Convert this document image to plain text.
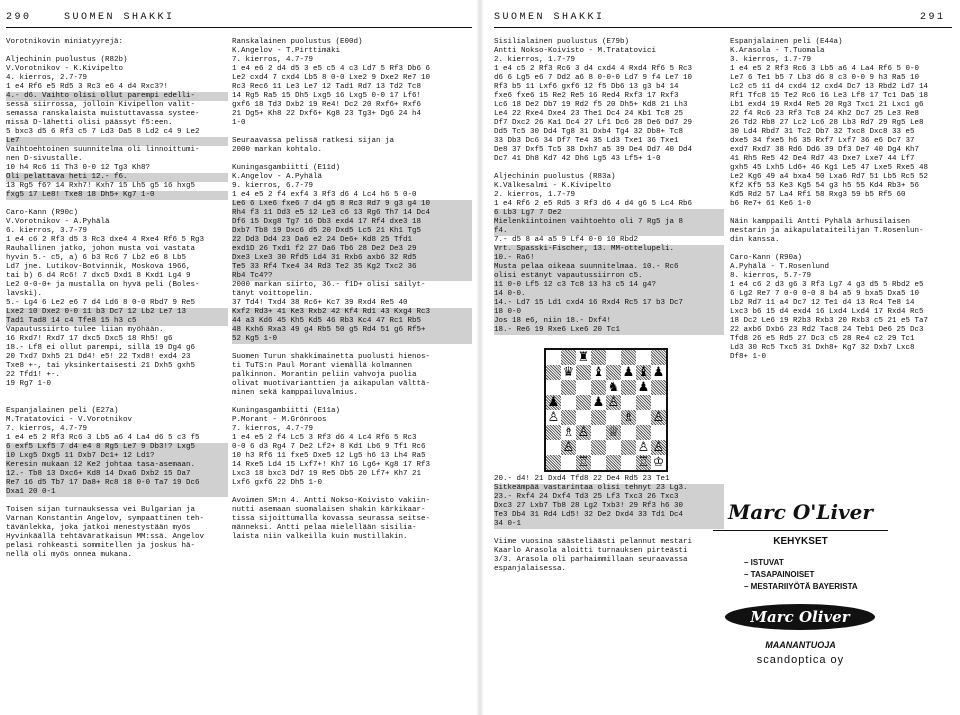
290	SUOMEN SHAKKI

Vorotnikovin miniatyyrejä:

Aljechinin puolustus (R82b)

V.Vorotnikov - K.Kivipelto

4. kierros, 2.7-79

1 e4 Rf6 e5 Rd5 3 Rc3 e6 4 d4 Rxc3?!

4.- d6. Vaihto olisi ollut parempi edelli-

sessä siirrossa, jolloin Kivipellon valit-

semassa ranskalaista muistuttavassa systee-

missä D-lähetti olisi päässyt f5:een.

5 bxc3 d5 6 Rf3 c5 7 Ld3 Da5 8 Ld2 c4 9 Le2

Le7

Vaihtoehtoinen suunnitelma oli linnoittumi-

nen D-sivustalle.

10 h4 Rc6 11 Th3 0-0 12 Tg3 Kh8?

Oli pelattava heti 12.- f6.

13 Rg5 f6? 14 Rxh7! Kxh7 15 Lh5 g5 16 hxg5

fxg5 17 Le8! Txe8 18 Dh5+ Kg7 1-0

Caro-Kann (R90c)

V.Vorotnikov - A.Pyhälä

6. kierros, 3.7-79

1 e4 c6 2 Rf3 d5 3 Rc3 dxe4 4 Rxe4 Rf6 5 Rg3

Rauhallinen jatko, johon musta voi vastata

hyvin 5.- c5, a) 6 b3 Rc6 7 Lb2 e6 8 Lb5

Ld7 jne. Lutikov-Botvinnik, Moskova 1966,

tai b) 6 d4 Rc6! 7 dxc5 Dxd1 8 Kxd1 Lg4 9

Le2 0-0-0+ ja mustalla on hyvä peli (Boles-

lavski).

5.- Lg4 6 Le2 e6 7 d4 Ld6 8 0-0 Rbd7 9 Re5

Lxe2 10 Dxe2 0-0 11 b3 Dc7 12 Lb2 Le7 13

Tad1 Tad8 14 c4 Tfe8 15 h3 c5

Vapautussiirto tulee liian myöhään.

16 Rxd7! Rxd7 17 dxc5 Dxc5 18 Rh5! g6

18.- Lf8 ei ollut parempi, sillä 19 Dg4 g6

20 Txd7 Dxh5 21 Dd4! e5! 22 Txd8! exd4 23

Txe8 +-, tai yksinkertaisesti 21 Dxh5 gxh5

22 Tfd1! +-.

19 Rg7 1-0

Espanjalainen peli (E27a)

M.Tratatovici - V.Vorotnikov

7. kierros, 4.7-79

1 e4 e5 2 Rf3 Rc6 3 Lb5 a6 4 La4 d6 5 c3 f5

6 exf5 Lxf5 7 d4 e4 8 Rg5 Le7 9 Db3!? Lxg5

10 Lxg5 Dxg5 11 Dxb7 Dc1+ 12 Ld1?

Keresin mukaan 12 Ke2 johtaa tasa-asemaan.

12.- Tb8 13 Dxc6+ Kd8 14 Dxa6 Dxb2 15 Da7

Re7 16 d5 Tb7 17 Da8+ Rc8 18 0-0 Ta7 19 Dc6

Dxa1 20 0-1

Toisen sijan turnauksessa vei Bulgarian ja

Varnan Konstantin Angelov, sympaattinen teh-

tävänlekka, joka jatkoi menestystään myös

Hyvinkäällä tehtäväratkaisun MM:ssä. Angelov

pelasi rohkeasti sommitellen ja joskus hä-

nellä oli myös onnea mukana.

Ranskalainen puolustus (E00d)

K.Angelov - T.Pirttimäki

7. kierros, 4.7-79

1 e4 e6 2 d4 d5 3 e5 c5 4 c3 Ld7 5 Rf3 Db6 6

Le2 cxd4 7 cxd4 Lb5 8 0-0 Lxe2 9 Dxe2 Re7 10

Rc3 Rec6 11 Le3 Le7 12 Tad1 Rd7 13 Td2 Tc8

14 Rg5 Ra5 15 Dh5 Lxg5 16 Lxg5 0-0 17 Lf6!

gxf6 18 Td3 Dxb2 19 Re4! Dc2 20 Rxf6+ Rxf6

21 Dg5+ Kh8 22 Dxf6+ Kg8 23 Tg3+ Dg6 24 h4

1-0

Seuraavassa pelissä ratkesi sijan ja

2000 markan kohtalo.

Kuningasgambiitti (E11d)

K.Angelov - A.Pyhälä

9. kierros, 6.7-79

1 e4 e5 2 f4 exf4 3 Rf3 d6 4 Lc4 h6 5 0-0

Le6 6 Lxe6 fxe6 7 d4 g5 8 Rc3 Rd7 9 g3 g4 10

Rh4 f3 11 Dd3 e5 12 Le3 c6 13 Rg6 Th7 14 Dc4

Df6 15 Dxg8 Tg7 16 Db3 exd4 17 Rf4 dxe3 18

Dxb7 Tb8 19 Dxc6 d5 20 Dxd5 Lc5 21 Kh1 Tg5

22 Dd3 Dd4 23 Da6 e2 24 De6+ Kd8 25 Tfd1

exd1D 26 Txd1 f2 27 Da6 Tb6 28 De2 De3 29

Dxe3 Lxe3 30 Rfd5 Ld4 31 Rxb6 axb6 32 Rd5

Te5 33 Rf4 Txe4 34 Rd3 Te2 35 Kg2 Txc2 36

Rb4 Tc4??

2000 markan siirto, 36.- f1D+ olisi säilyt-

tänyt voittopelin.

37 Td4! Txd4 38 Rc6+ Kc7 39 Rxd4 Re5 40

Kxf2 Rd3+ 41 Ke3 Rxb2 42 Kf4 Rd1 43 Kxg4 Rc3

44 a3 Kd6 45 Kh5 Kd5 46 Rb3 Kc4 47 Rc1 Rb5

48 Kxh6 Rxa3 49 g4 Rb5 50 g5 Rd4 51 g6 Rf5+

52 Kg5 1-0

Suomen Turun shakkimainetta puolusti hienos-

ti TuTS:n Paul Morant viemällä kolmannen

palkinnon. Morantin peliin vahvoja puolia

olivat muotivarianttien ja aikapulan välttä-

minen sekä kamppailuvalmius.

Kuningasgambiitti (E11a)

P.Morant - M.Grönroos

7. kierros, 4.7-79

1 e4 e5 2 f4 Lc5 3 Rf3 d6 4 Lc4 Rf6 5 Rc3

0-0 6 d3 Rg4 7 De2 Lf2+ 8 Kd1 Lb6 9 Tf1 Rc6

10 h3 Rf6 11 fxe5 Dxe5 12 Lg5 h6 13 Lh4 Ra5

14 Rxe5 Ld4 15 Lxf7+! Kh7 16 Lg6+ Kg8 17 Rf3

Lxc3 18 bxc3 Dd7 19 Re5 Db5 20 Lf7+ Kh7 21

Lxf6 gxf6 22 Dh5 1-0

Avoimen SM:n 4. Antti Nokso-Koivisto vakiin-

nutti asemaan suomalaisen shakin kärkikaar-

tissa sijoittumalla kovassa seurassa seitse-

männeksi. Antti pelaa mielellään sisilia-

laista niin valkeilla kuin mustillakin.

SUOMEN SHAKKI	291

Sisilialainen puolustus (E79b)

Antti Nokso-Koivisto - M.Tratatovici

2. kierros, 1.7-79

1 e4 c5 2 Rf3 Rc6 3 d4 cxd4 4 Rxd4 Rf6 5 Rc3

d6 6 Lg5 e6 7 Dd2 a6 8 0-0-0 Ld7 9 f4 Le7 10

Rf3 b5 11 Lxf6 gxf6 12 f5 Db6 13 g3 b4 14

fxe6 fxe6 15 Re2 Re5 16 Red4 Rxf3 17 Rxf3

Lc6 18 De2 Db7 19 Rd2 f5 20 Dh5+ Kd8 21 Lh3

Le4 22 Rxe4 Dxe4 23 The1 Dc4 24 Kb1 Tc8 25

Df7 Dxc2 26 Ka1 Dc4 27 Lf1 Dc6 28 De6 Dd7 29

Dd5 Tc5 30 Dd4 Tg8 31 Dxb4 Tg4 32 Db8+ Tc8

33 Db3 Dc6 34 Df7 Te4 35 Ld3 Txe1 36 Txe1

De8 37 Dxf5 Tc5 38 Dxh7 a5 39 De4 Dd7 40 Dd4

Dc7 41 Dh8 Kd7 42 Dh6 Lg5 43 Lf5+ 1-0

Aljechinin puolustus (R83a)

K.Välkesalmi - K.Kivipelto

2. kierros, 1.7-79

1 e4 Rf6 2 e5 Rd5 3 Rf3 d6 4 d4 g6 5 Lc4 Rb6

6 Lb3 Lg7 7 De2

Mielenkiintoinen vaihtoehto oli 7 Rg5 ja 8

f4.

7.- d5 8 a4 a5 9 Lf4 0-0 10 Rbd2

Vrt. Spasski-Fischer, 13. MM-ottelupeli.

10.- Ra6!

Musta pelaa oikeaa suunnitelmaa. 10.- Rc6

olisi estänyt vapautussiirron c5.

11 0-0 Lf5 12 c3 Tc8 13 h3 c5 14 g4?

14 0-0.

14.- Ld7 15 Ld1 cxd4 16 Rxd4 Rc5 17 b3 Dc7

18 0-0

Jos 18 e6, niin 18.- Dxf4!

18.- Re6 19 Rxe6 Lxe6 20 Tc1

♜
♛ ♝ ♟ ♝ ♟
♞ ♟
♟	♟ ♙
♙	♗ ♙
♗ ♙ ♕
♙	♙ ♙
♖	♖ ♔

20.- d4! 21 Dxd4 Tfd8 22 De4 Rd5 23 Te1

Sitkeämpää vastarintaa olisi tehnyt 23 Lg3.

23.- Rxf4 24 Dxf4 Td3 25 Lf3 Txc3 26 Txc3

Dxc3 27 Lxb7 Tb8 28 Lg2 Txb3! 29 Rf3 h6 30

Te3 Db4 31 Rd4 Ld5! 32 De2 Dxd4 33 Td1 Dc4

34 0-1

Viime vuosina säästeliäästi pelannut mestari

Kaarlo Arasola aloitti turnauksen pirteästi

3/3. Arasola oli parhaimmillaan seuraavassa

espanjalaisessa.

Espanjalainen peli (E44a)

K.Arasola - T.Tuomala

3. kierros, 1.7-79

1 e4 e5 2 Rf3 Rc6 3 Lb5 a6 4 La4 Rf6 5 0-0

Le7 6 Te1 b5 7 Lb3 d6 8 c3 0-0 9 h3 Ra5 10

Lc2 c5 11 d4 cxd4 12 cxd4 Dc7 13 Rbd2 Ld7 14

Rf1 Tfc8 15 Te2 Rc6 16 Le3 Lf8 17 Tc1 Da5 18

Lb1 exd4 19 Rxd4 Re5 20 Rg3 Txc1 21 Lxc1 g6

22 f4 Rc6 23 Rf3 Tc8 24 Kh2 Dc7 25 Le3 Re8

26 Td2 Rb8 27 Lc2 Lc6 28 Lb3 Rd7 29 Rg5 Le8

30 Ld4 Rbd7 31 Tc2 Db7 32 Txc8 Dxc8 33 e5

dxe5 34 fxe5 h6 35 Rxf7 Lxf7 36 e6 Dc7 37

exd7 Rxd7 38 Rd6 Dd6 39 Df3 De7 40 Dg4 Kh7

41 Rh5 Re5 42 De4 Rd7 43 Dxe7 Lxe7 44 Lf7

gxh5 45 Lxh5 Ld6+ 46 Kg1 Le5 47 Lxe5 Rxe5 48

Le2 Kg6 49 a4 bxa4 50 Lxa6 Rd7 51 Lb5 Rc5 52

Kf2 Kf5 53 Ke3 Kg5 54 g3 h5 55 Kd4 Rb3+ 56

Kd5 Rd2 57 La4 Rf1 58 Rxg3 59 b5 Rf5 60

b6 Re7+ 61 Ke6 1-0

Näin kamppaili Antti Pyhälä ärhusilaisen

mestarin ja aikapulataiteilijan T.Rosenlun-

din kanssa.

Caro-Kann (R90a)

A.Pyhälä - T.Rosenlund

8. kierros, 5.7-79

1 e4 c6 2 d3 g6 3 Rf3 Lg7 4 g3 d5 5 Rbd2 e5

6 Lg2 Re7 7 0-0 0-0 8 b4 a5 9 bxa5 Dxa5 10

Lb2 Rd7 11 a4 Dc7 12 Te1 d4 13 Rc4 Te8 14

Lxc3 b6 15 d4 exd4 16 Lxd4 Lxd4 17 Rxd4 Rc5

18 Dc2 Le6 19 R2b3 Rxb3 20 Rxb3 c5 21 e5 Ta7

22 axb6 Dxb6 23 Rd2 Tac8 24 Teb1 De6 25 Dc3

Tfd8 26 e5 Rd5 27 Dc3 c5 28 Re4 c2 29 Tc1

Ld3 30 Rc5 Txc5 31 Dxh8+ Kg7 32 Dxb7 Lxc8

Df8+ 1-0

Marc O'Liver
KEHYKSET
– ISTUVAT
– TASAPAINOISET
– MESTARIIYÖTÄ BAYERISTA
Marc Oliver
MAANANTUOJA
scandoptica oy
